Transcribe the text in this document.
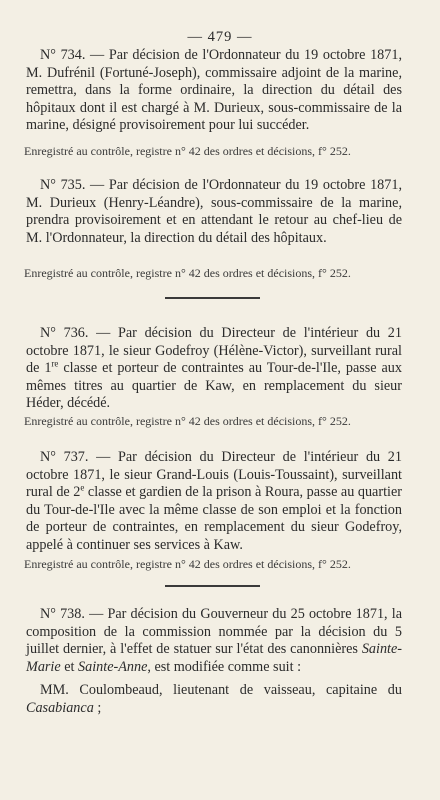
— 479 —

N° 734. — Par décision de l'Ordonnateur du 19 octobre 1871, M. Dufrénil (Fortuné-Joseph), commissaire adjoint de la marine, remettra, dans la forme ordinaire, la direction du détail des hôpitaux dont il est chargé à M. Durieux, sous-commissaire de la marine, désigné provisoirement pour lui succéder.

Enregistré au contrôle, registre n° 42 des ordres et décisions, f° 252.

N° 735. — Par décision de l'Ordonnateur du 19 octobre 1871, M. Durieux (Henry-Léandre), sous-commissaire de la marine, prendra provisoirement et en attendant le retour au chef-lieu de M. l'Ordonnateur, la direction du détail des hôpitaux.

Enregistré au contrôle, registre n° 42 des ordres et décisions, f° 252.

N° 736. — Par décision du Directeur de l'intérieur du 21 octobre 1871, le sieur Godefroy (Hélène-Victor), surveillant rural de 1re classe et porteur de contraintes au Tour-de-l'Ile, passe aux mêmes titres au quartier de Kaw, en remplacement du sieur Héder, décédé.

Enregistré au contrôle, registre n° 42 des ordres et décisions, f° 252.

N° 737. — Par décision du Directeur de l'intérieur du 21 octobre 1871, le sieur Grand-Louis (Louis-Toussaint), surveillant rural de 2e classe et gardien de la prison à Roura, passe au quartier du Tour-de-l'Ile avec la même classe de son emploi et la fonction de porteur de contraintes, en remplacement du sieur Godefroy, appelé à continuer ses services à Kaw.

Enregistré au contrôle, registre n° 42 des ordres et décisions, f° 252.

N° 738. — Par décision du Gouverneur du 25 octobre 1871, la composition de la commission nommée par la décision du 5 juillet dernier, à l'effet de statuer sur l'état des canonnières Sainte-Marie et Sainte-Anne, est modifiée comme suit :

MM. Coulombeaud, lieutenant de vaisseau, capitaine du Casabianca ;
